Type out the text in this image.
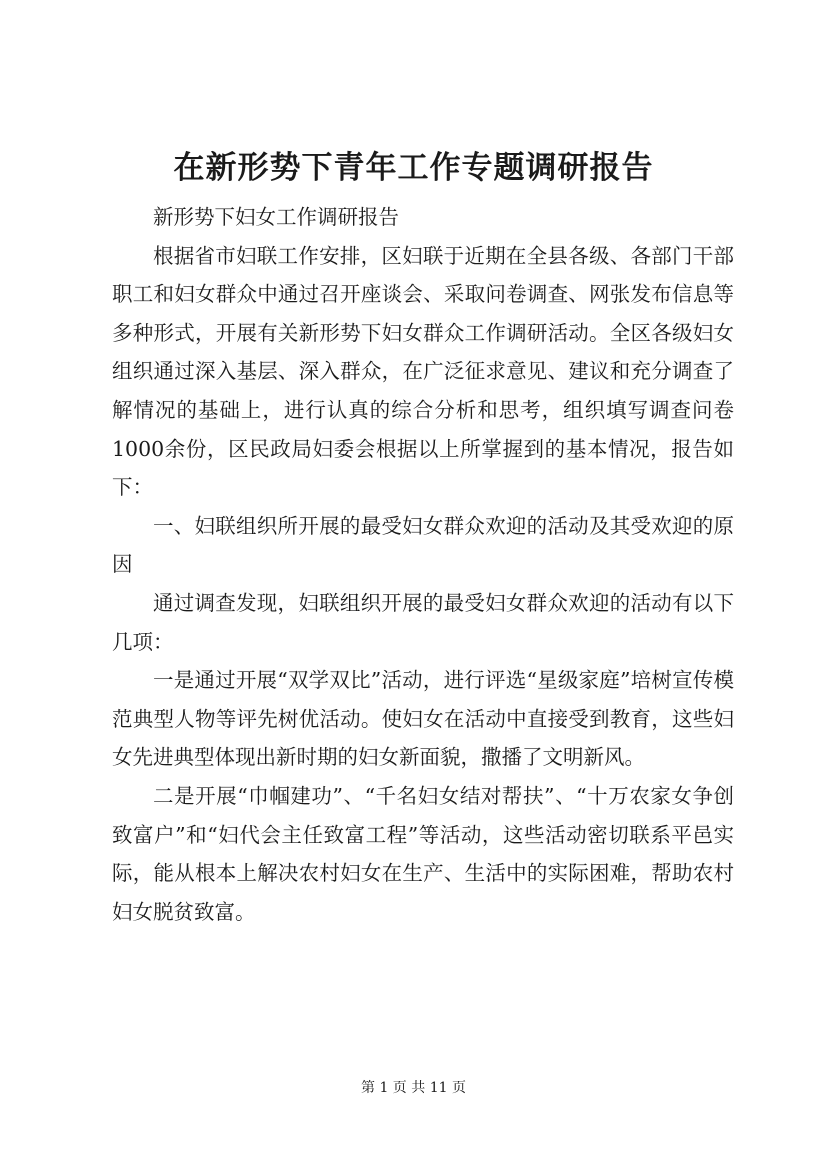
在新形势下青年工作专题调研报告

新形势下妇女工作调研报告

根据省市妇联工作安排，区妇联于近期在全县各级、各部门干部职工和妇女群众中通过召开座谈会、采取问卷调查、网张发布信息等多种形式，开展有关新形势下妇女群众工作调研活动。全区各级妇女组织通过深入基层、深入群众，在广泛征求意见、建议和充分调查了解情况的基础上，进行认真的综合分析和思考，组织填写调查问卷1000余份，区民政局妇委会根据以上所掌握到的基本情况，报告如下：

一、妇联组织所开展的最受妇女群众欢迎的活动及其受欢迎的原因

通过调查发现，妇联组织开展的最受妇女群众欢迎的活动有以下几项：

一是通过开展“双学双比”活动，进行评选“星级家庭”培树宣传模范典型人物等评先树优活动。使妇女在活动中直接受到教育，这些妇女先进典型体现出新时期的妇女新面貌，撒播了文明新风。

二是开展“巾帼建功”、“千名妇女结对帮扶”、“十万农家女争创致富户”和“妇代会主任致富工程”等活动，这些活动密切联系平邑实际，能从根本上解决农村妇女在生产、生活中的实际困难，帮助农村妇女脱贫致富。

第 1 页 共 11 页
